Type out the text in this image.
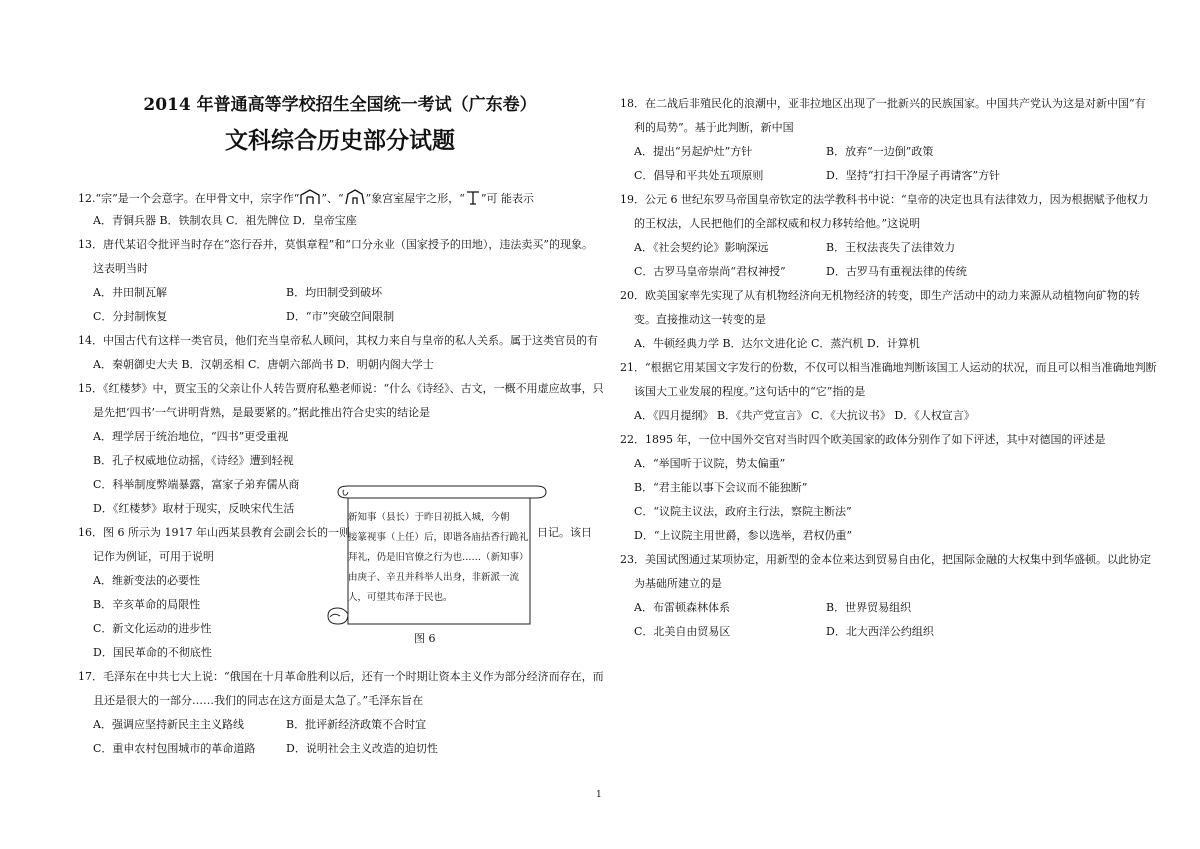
2014 年普通高等学校招生全国统一考试（广东卷）
文科综合历史部分试题
12.“宗”是一个会意字。在甲骨文中，宗字作“ ”、“ ”象宫室屋宇之形，“ ”可 能表示
A．青铜兵器 B．铁制农具 C．祖先牌位 D．皇帝宝座
13．唐代某诏令批评当时存在“恣行吞并，莫惧章程”和“口分永业（国家授予的田地），违法卖买”的现象。
这表明当时
A．井田制瓦解	B．均田制受到破坏
C．分封制恢复	D．“市”突破空间限制
14．中国古代有这样一类官员，他们充当皇帝私人顾问，其权力来自与皇帝的私人关系。属于这类官员的有
A．秦朝御史大夫 B．汉朝丞相 C．唐朝六部尚书 D．明朝内阁大学士
15．《红楼梦》中，贾宝玉的父亲让仆人转告贾府私塾老师说：“什么《诗经》、古文，一概不用虚应故事，只
是先把‘四书’一气讲明背熟，是最要紧的。”据此推出符合史实的结论是
A．理学居于统治地位，“四书”更受重视
B．孔子权威地位动摇，《诗经》遭到轻视
C．科举制度弊端暴露，富家子弟弃儒从商
D．《红楼梦》取材于现实，反映宋代生活
16．图 6 所示为 1917 年山西某县教育会副会长的一则	日记。该日
记作为例证，可用于说明
A．维新变法的必要性
B．辛亥革命的局限性
C．新文化运动的进步性
D．国民革命的不彻底性
17．毛泽东在中共七大上说：“俄国在十月革命胜利以后，还有一个时期让资本主义作为部分经济而存在，而
且还是很大的一部分……我们的同志在这方面是太急了。”毛泽东旨在
A．强调应坚持新民主主义路线	B．批评新经济政策不合时宜
C．重申农村包围城市的革命道路	D．说明社会主义改造的迫切性

新知事（县长）于昨日初抵入城，今朝

接篆视事（上任）后，即谐各庙拈香行跪礼

拜礼，仍是旧官僚之行为也……（新知事）

由庚子、辛丑并科举人出身，非新派一流

人，可望其布泽于民也。

图 6
18．在二战后非殖民化的浪潮中，亚非拉地区出现了一批新兴的民族国家。中国共产党认为这是对新中国“有
利的局势”。基于此判断，新中国
A．提出“另起炉灶”方针	B．放弃“一边倒”政策
C．倡导和平共处五项原则	D．坚持“打扫干净屋子再请客”方针
19．公元 6 世纪东罗马帝国皇帝钦定的法学教科书中说：“皇帝的决定也具有法律效力，因为根据赋予他权力
的王权法，人民把他们的全部权威和权力移转给他。”这说明
A．《社会契约论》影响深远	B．王权法丧失了法律效力
C．古罗马皇帝崇尚“君权神授”	D．古罗马有重视法律的传统
20．欧美国家率先实现了从有机物经济向无机物经济的转变，即生产活动中的动力来源从动植物向矿物的转
变。直接推动这一转变的是
A．牛顿经典力学 B．达尔文进化论 C．蒸汽机 D．计算机
21．“根据它用某国文字发行的份数，不仅可以相当准确地判断该国工人运动的状况，而且可以相当准确地判断
该国大工业发展的程度。”这句话中的“它”指的是
A．《四月提纲》 B．《共产党宣言》 C．《大抗议书》 D．《人权宣言》
22．1895 年，一位中国外交官对当时四个欧美国家的政体分别作了如下评述，其中对德国的评述是
A．“举国听于议院，势太偏重”
B．“君主能以事下会议而不能独断”
C．“议院主议法，政府主行法，察院主断法”
D．“上议院主用世爵，参以选举，君权仍重”
23．美国试图通过某项协定，用新型的金本位来达到贸易自由化，把国际金融的大权集中到华盛顿。以此协定
为基础所建立的是
A．布雷顿森林体系	B．世界贸易组织
C．北美自由贸易区	D．北大西洋公约组织
1
